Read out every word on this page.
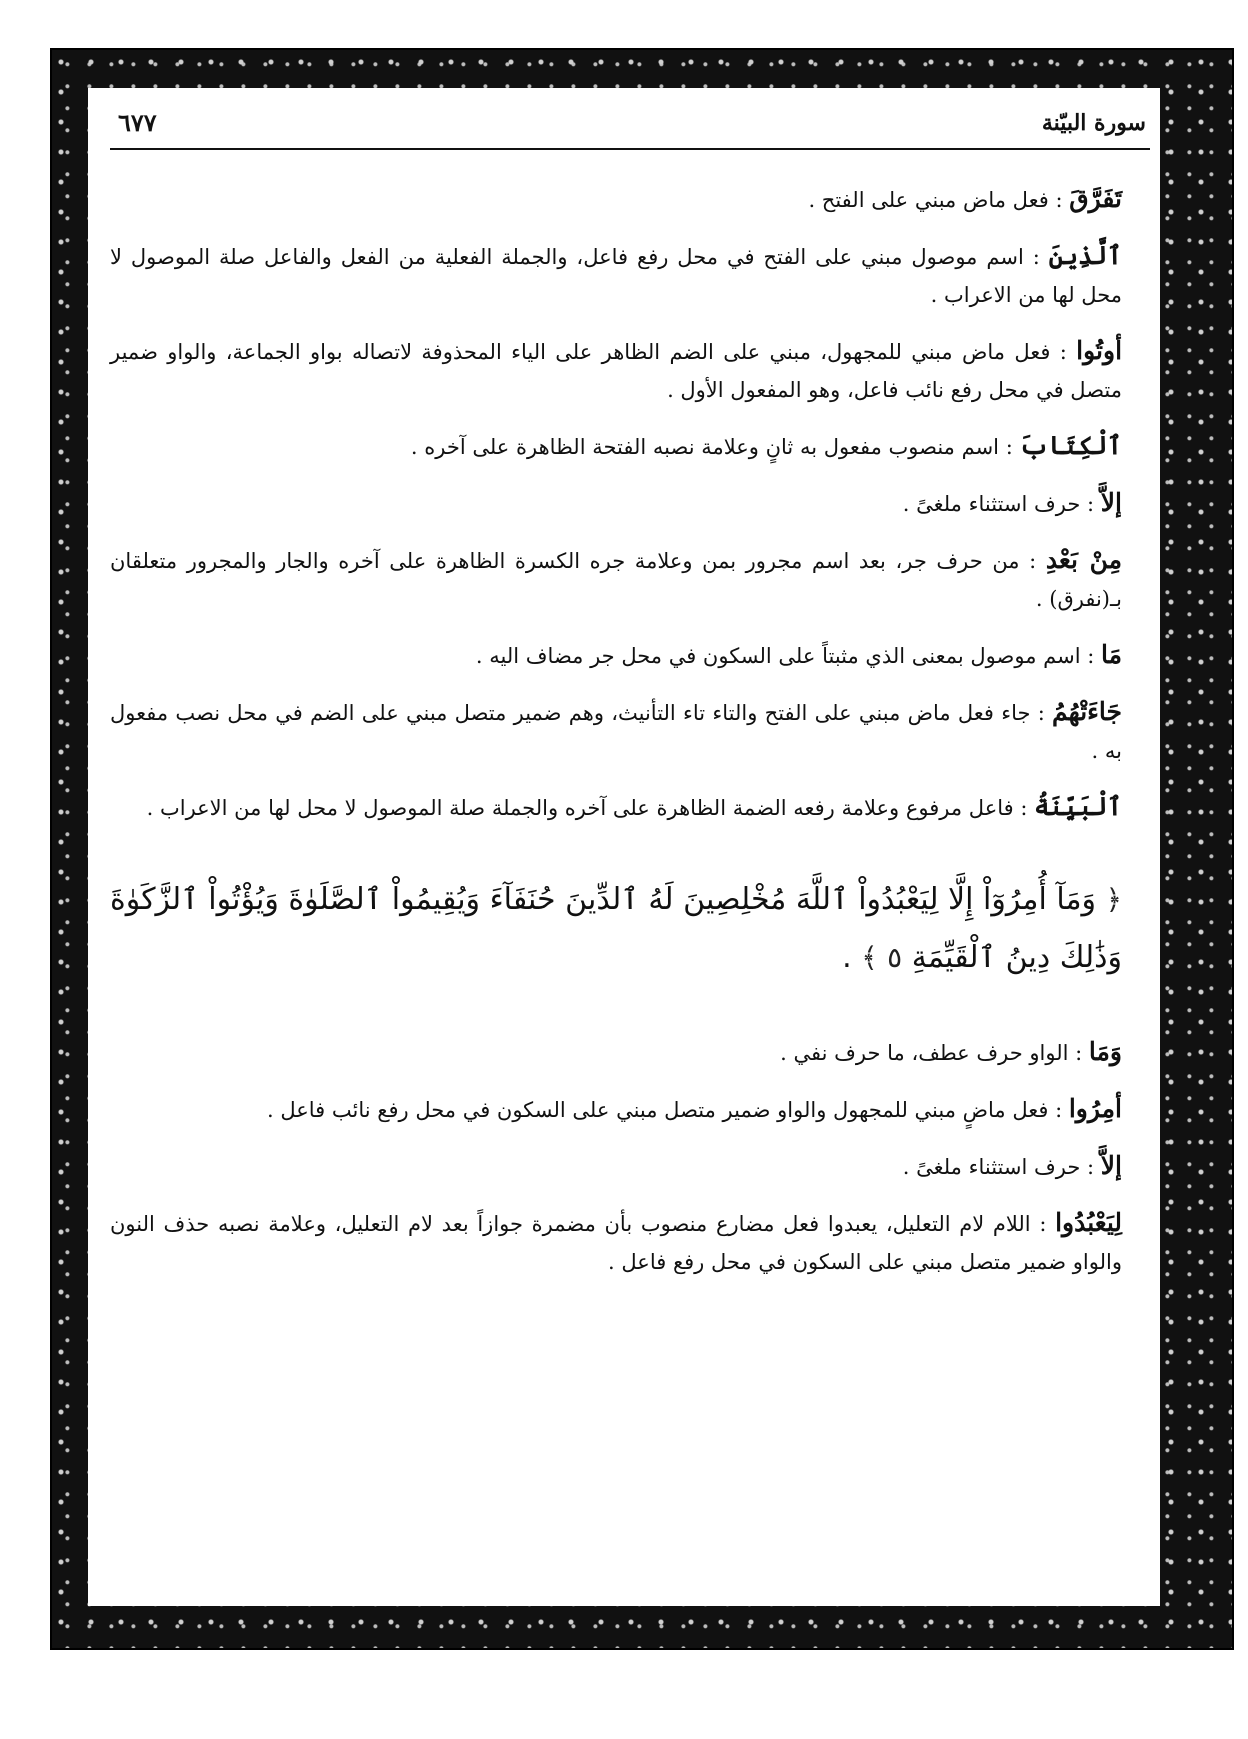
٦٧٧	سورة البيّنة

تَفَرَّقَ : فعل ماض مبني على الفتح .

ٱلَّذِينَ : اسم موصول مبني على الفتح في محل رفع فاعل، والجملة الفعلية من الفعل والفاعل صلة الموصول لا محل لها من الاعراب .

أوتُوا : فعل ماض مبني للمجهول، مبني على الضم الظاهر على الياء المحذوفة لاتصاله بواو الجماعة، والواو ضمير متصل في محل رفع نائب فاعل، وهو المفعول الأول .

ٱلْكِتَابَ : اسم منصوب مفعول به ثانٍ وعلامة نصبه الفتحة الظاهرة على آخره .

إلاَّ : حرف استثناء ملغىً .

مِنْ بَعْدِ : من حرف جر، بعد اسم مجرور بمن وعلامة جره الكسرة الظاهرة على آخره والجار والمجرور متعلقان بـ(نفرق) .

مَا : اسم موصول بمعنى الذي مثبتاً على السكون في محل جر مضاف اليه .

جَاءَتْهُمُ : جاء فعل ماض مبني على الفتح والتاء تاء التأنيث، وهم ضمير متصل مبني على الضم في محل نصب مفعول به .

ٱلْبَيِّنَةُ : فاعل مرفوع وعلامة رفعه الضمة الظاهرة على آخره والجملة صلة الموصول لا محل لها من الاعراب .

﴿ وَمَآ أُمِرُوٓاْ إِلَّا لِيَعْبُدُواْ ٱللَّهَ مُخْلِصِينَ لَهُ ٱلدِّينَ حُنَفَآءَ وَيُقِيمُواْ ٱلصَّلَوٰةَ وَيُؤْتُواْ ٱلزَّكَوٰةَ وَذَٰلِكَ دِينُ ٱلْقَيِّمَةِ ٥ ﴾ .

وَمَا : الواو حرف عطف، ما حرف نفي .

أمِرُوا : فعل ماضٍ مبني للمجهول والواو ضمير متصل مبني على السكون في محل رفع نائب فاعل .

إلاَّ : حرف استثناء ملغىً .

لِيَعْبُدُوا : اللام لام التعليل، يعبدوا فعل مضارع منصوب بأن مضمرة جوازاً بعد لام التعليل، وعلامة نصبه حذف النون والواو ضمير متصل مبني على السكون في محل رفع فاعل .
